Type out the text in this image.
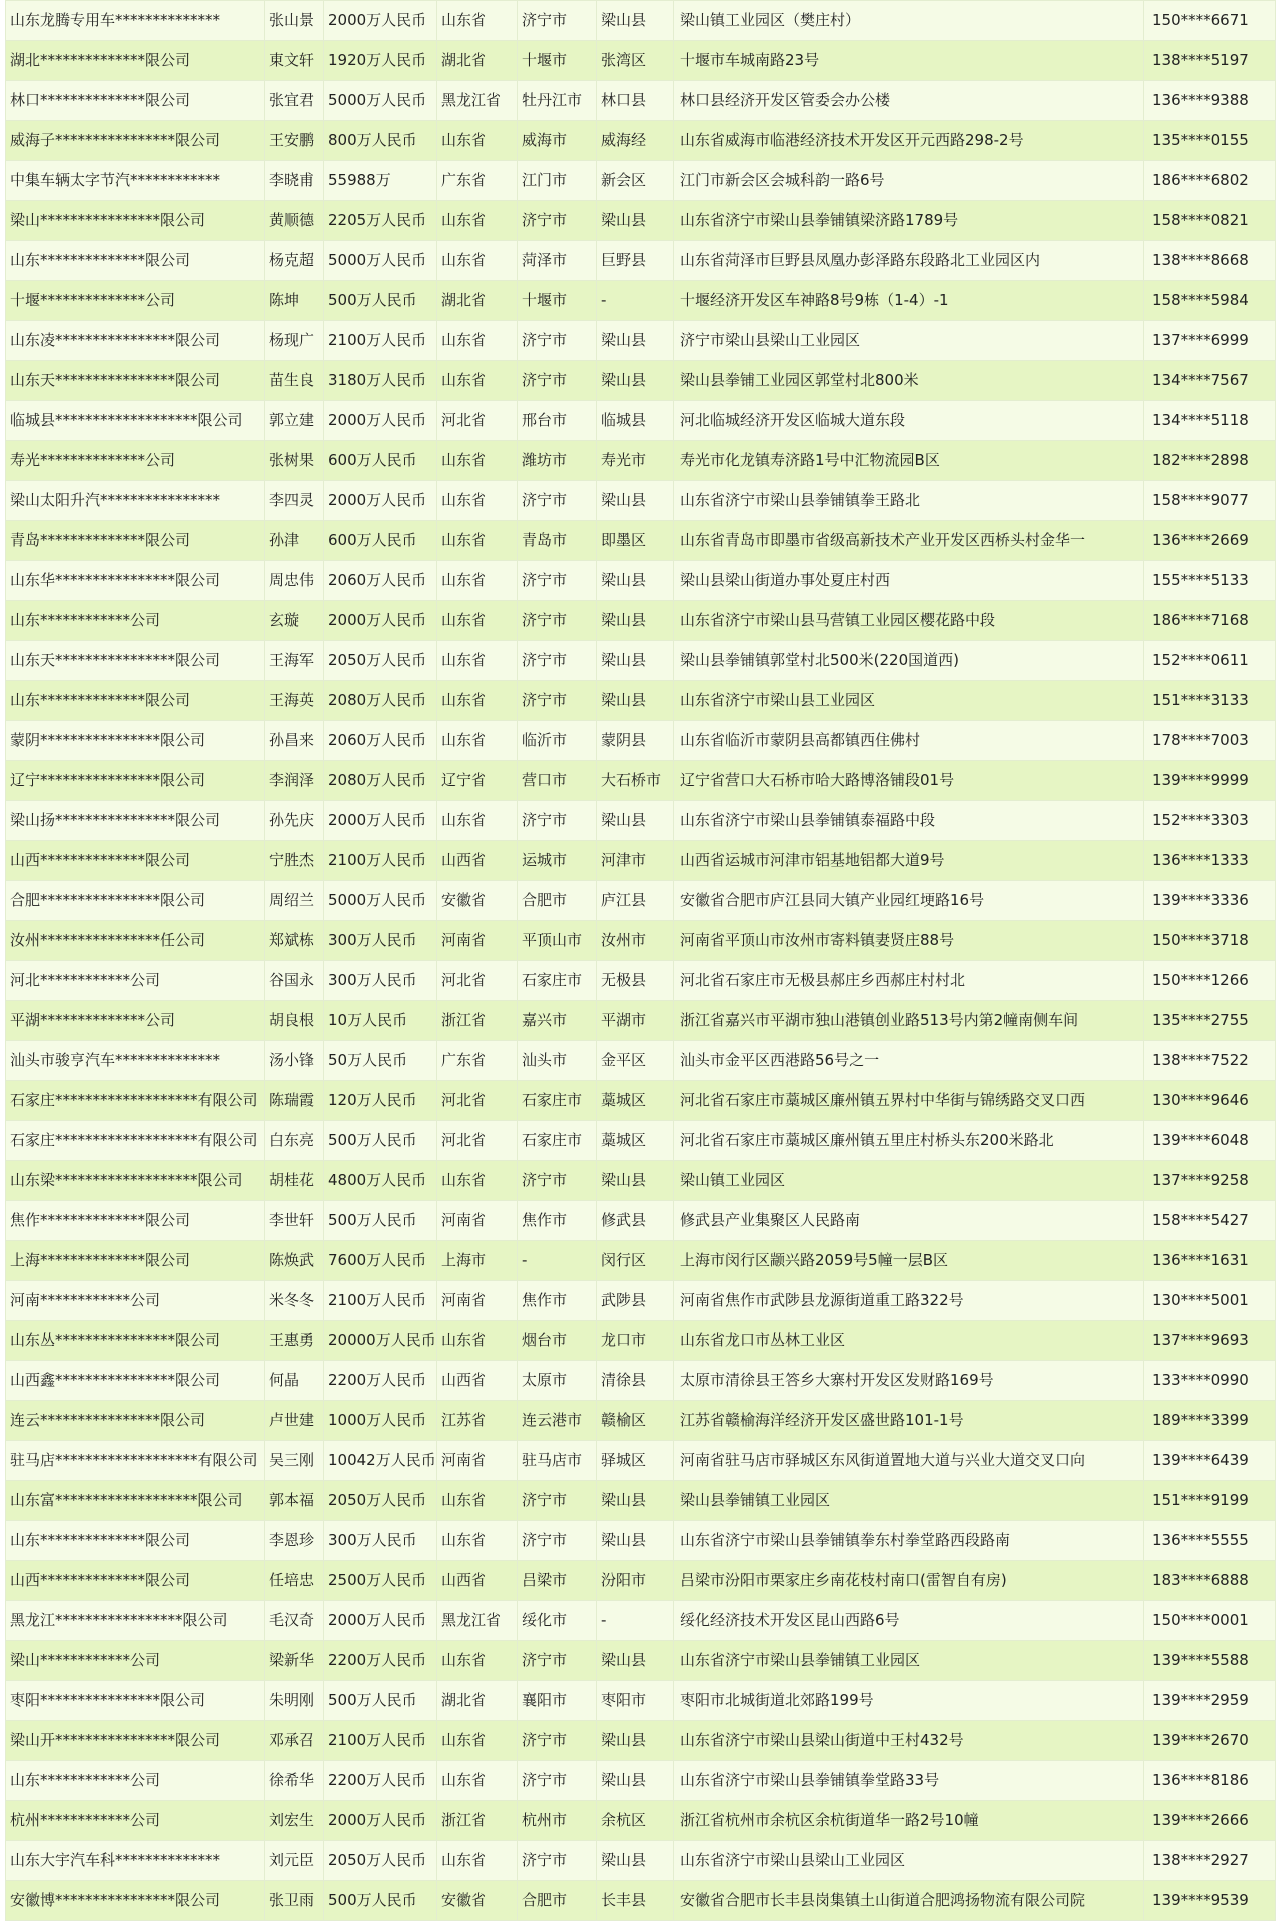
山东龙腾专用车**************	张山景	2000万人民币	山东省	济宁市	梁山县	梁山镇工业园区（樊庄村）	150****6671
湖北**************限公司	東文轩	1920万人民币	湖北省	十堰市	张湾区	十堰市车城南路23号	138****5197
林口**************限公司	张宜君	5000万人民币	黑龙江省	牡丹江市	林口县	林口县经济开发区管委会办公楼	136****9388
威海子****************限公司	王安鹏	800万人民币	山东省	威海市	威海经	山东省威海市临港经济技术开发区开元西路298-2号	135****0155
中集车辆太字节汽************	李晓甫	55988万	广东省	江门市	新会区	江门市新会区会城科韵一路6号	186****6802
梁山****************限公司	黄顺德	2205万人民币	山东省	济宁市	梁山县	山东省济宁市梁山县拳铺镇梁济路1789号	158****0821
山东**************限公司	杨克超	5000万人民币	山东省	菏泽市	巨野县	山东省菏泽市巨野县凤凰办彭泽路东段路北工业园区内	138****8668
十堰**************公司	陈坤	500万人民币	湖北省	十堰市	-	十堰经济开发区车神路8号9栋（1-4）-1	158****5984
山东凌****************限公司	杨现广	2100万人民币	山东省	济宁市	梁山县	济宁市梁山县梁山工业园区	137****6999
山东天****************限公司	苗生良	3180万人民币	山东省	济宁市	梁山县	梁山县拳铺工业园区郭堂村北800米	134****7567
临城县*******************限公司	郭立建	2000万人民币	河北省	邢台市	临城县	河北临城经济开发区临城大道东段	134****5118
寿光**************公司	张树果	600万人民币	山东省	潍坊市	寿光市	寿光市化龙镇寿济路1号中汇物流园B区	182****2898
梁山太阳升汽****************	李四灵	2000万人民币	山东省	济宁市	梁山县	山东省济宁市梁山县拳铺镇拳王路北	158****9077
青岛**************限公司	孙津	600万人民币	山东省	青岛市	即墨区	山东省青岛市即墨市省级高新技术产业开发区西桥头村金华一	136****2669
山东华****************限公司	周忠伟	2060万人民币	山东省	济宁市	梁山县	梁山县梁山街道办事处夏庄村西	155****5133
山东************公司	玄璇	2000万人民币	山东省	济宁市	梁山县	山东省济宁市梁山县马营镇工业园区樱花路中段	186****7168
山东天****************限公司	王海军	2050万人民币	山东省	济宁市	梁山县	梁山县拳铺镇郭堂村北500米(220国道西)	152****0611
山东**************限公司	王海英	2080万人民币	山东省	济宁市	梁山县	山东省济宁市梁山县工业园区	151****3133
蒙阴****************限公司	孙昌来	2060万人民币	山东省	临沂市	蒙阴县	山东省临沂市蒙阴县高都镇西住佛村	178****7003
辽宁****************限公司	李润泽	2080万人民币	辽宁省	营口市	大石桥市	辽宁省营口大石桥市哈大路博洛铺段01号	139****9999
梁山扬****************限公司	孙先庆	2000万人民币	山东省	济宁市	梁山县	山东省济宁市梁山县拳铺镇泰福路中段	152****3303
山西**************限公司	宁胜杰	2100万人民币	山西省	运城市	河津市	山西省运城市河津市铝基地铝都大道9号	136****1333
合肥****************限公司	周绍兰	5000万人民币	安徽省	合肥市	庐江县	安徽省合肥市庐江县同大镇产业园红埂路16号	139****3336
汝州****************任公司	郑斌栋	300万人民币	河南省	平顶山市	汝州市	河南省平顶山市汝州市寄料镇妻贤庄88号	150****3718
河北************公司	谷国永	300万人民币	河北省	石家庄市	无极县	河北省石家庄市无极县郝庄乡西郝庄村村北	150****1266
平湖**************公司	胡良根	10万人民币	浙江省	嘉兴市	平湖市	浙江省嘉兴市平湖市独山港镇创业路513号内第2幢南侧车间	135****2755
汕头市骏亨汽车**************	汤小锋	50万人民币	广东省	汕头市	金平区	汕头市金平区西港路56号之一	138****7522
石家庄*******************有限公司	陈瑞霞	120万人民币	河北省	石家庄市	藁城区	河北省石家庄市藁城区廉州镇五界村中华街与锦绣路交叉口西	130****9646
石家庄*******************有限公司	白东亮	500万人民币	河北省	石家庄市	藁城区	河北省石家庄市藁城区廉州镇五里庄村桥头东200米路北	139****6048
山东梁*******************限公司	胡桂花	4800万人民币	山东省	济宁市	梁山县	梁山镇工业园区	137****9258
焦作**************限公司	李世轩	500万人民币	河南省	焦作市	修武县	修武县产业集聚区人民路南	158****5427
上海**************限公司	陈焕武	7600万人民币	上海市	-	闵行区	上海市闵行区颛兴路2059号5幢一层B区	136****1631
河南************公司	米冬冬	2100万人民币	河南省	焦作市	武陟县	河南省焦作市武陟县龙源街道重工路322号	130****5001
山东丛****************限公司	王惠勇	20000万人民币	山东省	烟台市	龙口市	山东省龙口市丛林工业区	137****9693
山西鑫****************限公司	何晶	2200万人民币	山西省	太原市	清徐县	太原市清徐县王答乡大寨村开发区发财路169号	133****0990
连云****************限公司	卢世建	1000万人民币	江苏省	连云港市	赣榆区	江苏省赣榆海洋经济开发区盛世路101-1号	189****3399
驻马店*******************有限公司	吴三刚	10042万人民币	河南省	驻马店市	驿城区	河南省驻马店市驿城区东风街道置地大道与兴业大道交叉口向	139****6439
山东富*******************限公司	郭本福	2050万人民币	山东省	济宁市	梁山县	梁山县拳铺镇工业园区	151****9199
山东**************限公司	李恩珍	300万人民币	山东省	济宁市	梁山县	山东省济宁市梁山县拳铺镇拳东村拳堂路西段路南	136****5555
山西**************限公司	任培忠	2500万人民币	山西省	吕梁市	汾阳市	吕梁市汾阳市栗家庄乡南花枝村南口(雷智自有房)	183****6888
黑龙江*****************限公司	毛汉奇	2000万人民币	黑龙江省	绥化市	-	绥化经济技术开发区昆山西路6号	150****0001
梁山************公司	梁新华	2200万人民币	山东省	济宁市	梁山县	山东省济宁市梁山县拳铺镇工业园区	139****5588
枣阳****************限公司	朱明刚	500万人民币	湖北省	襄阳市	枣阳市	枣阳市北城街道北郊路199号	139****2959
梁山开****************限公司	邓承召	2100万人民币	山东省	济宁市	梁山县	山东省济宁市梁山县梁山街道中王村432号	139****2670
山东************公司	徐希华	2200万人民币	山东省	济宁市	梁山县	山东省济宁市梁山县拳铺镇拳堂路33号	136****8186
杭州************公司	刘宏生	2000万人民币	浙江省	杭州市	余杭区	浙江省杭州市余杭区余杭街道华一路2号10幢	139****2666
山东大宇汽车科**************	刘元臣	2050万人民币	山东省	济宁市	梁山县	山东省济宁市梁山县梁山工业园区	138****2927
安徽博****************限公司	张卫雨	500万人民币	安徽省	合肥市	长丰县	安徽省合肥市长丰县岗集镇土山街道合肥鸿扬物流有限公司院	139****9539
